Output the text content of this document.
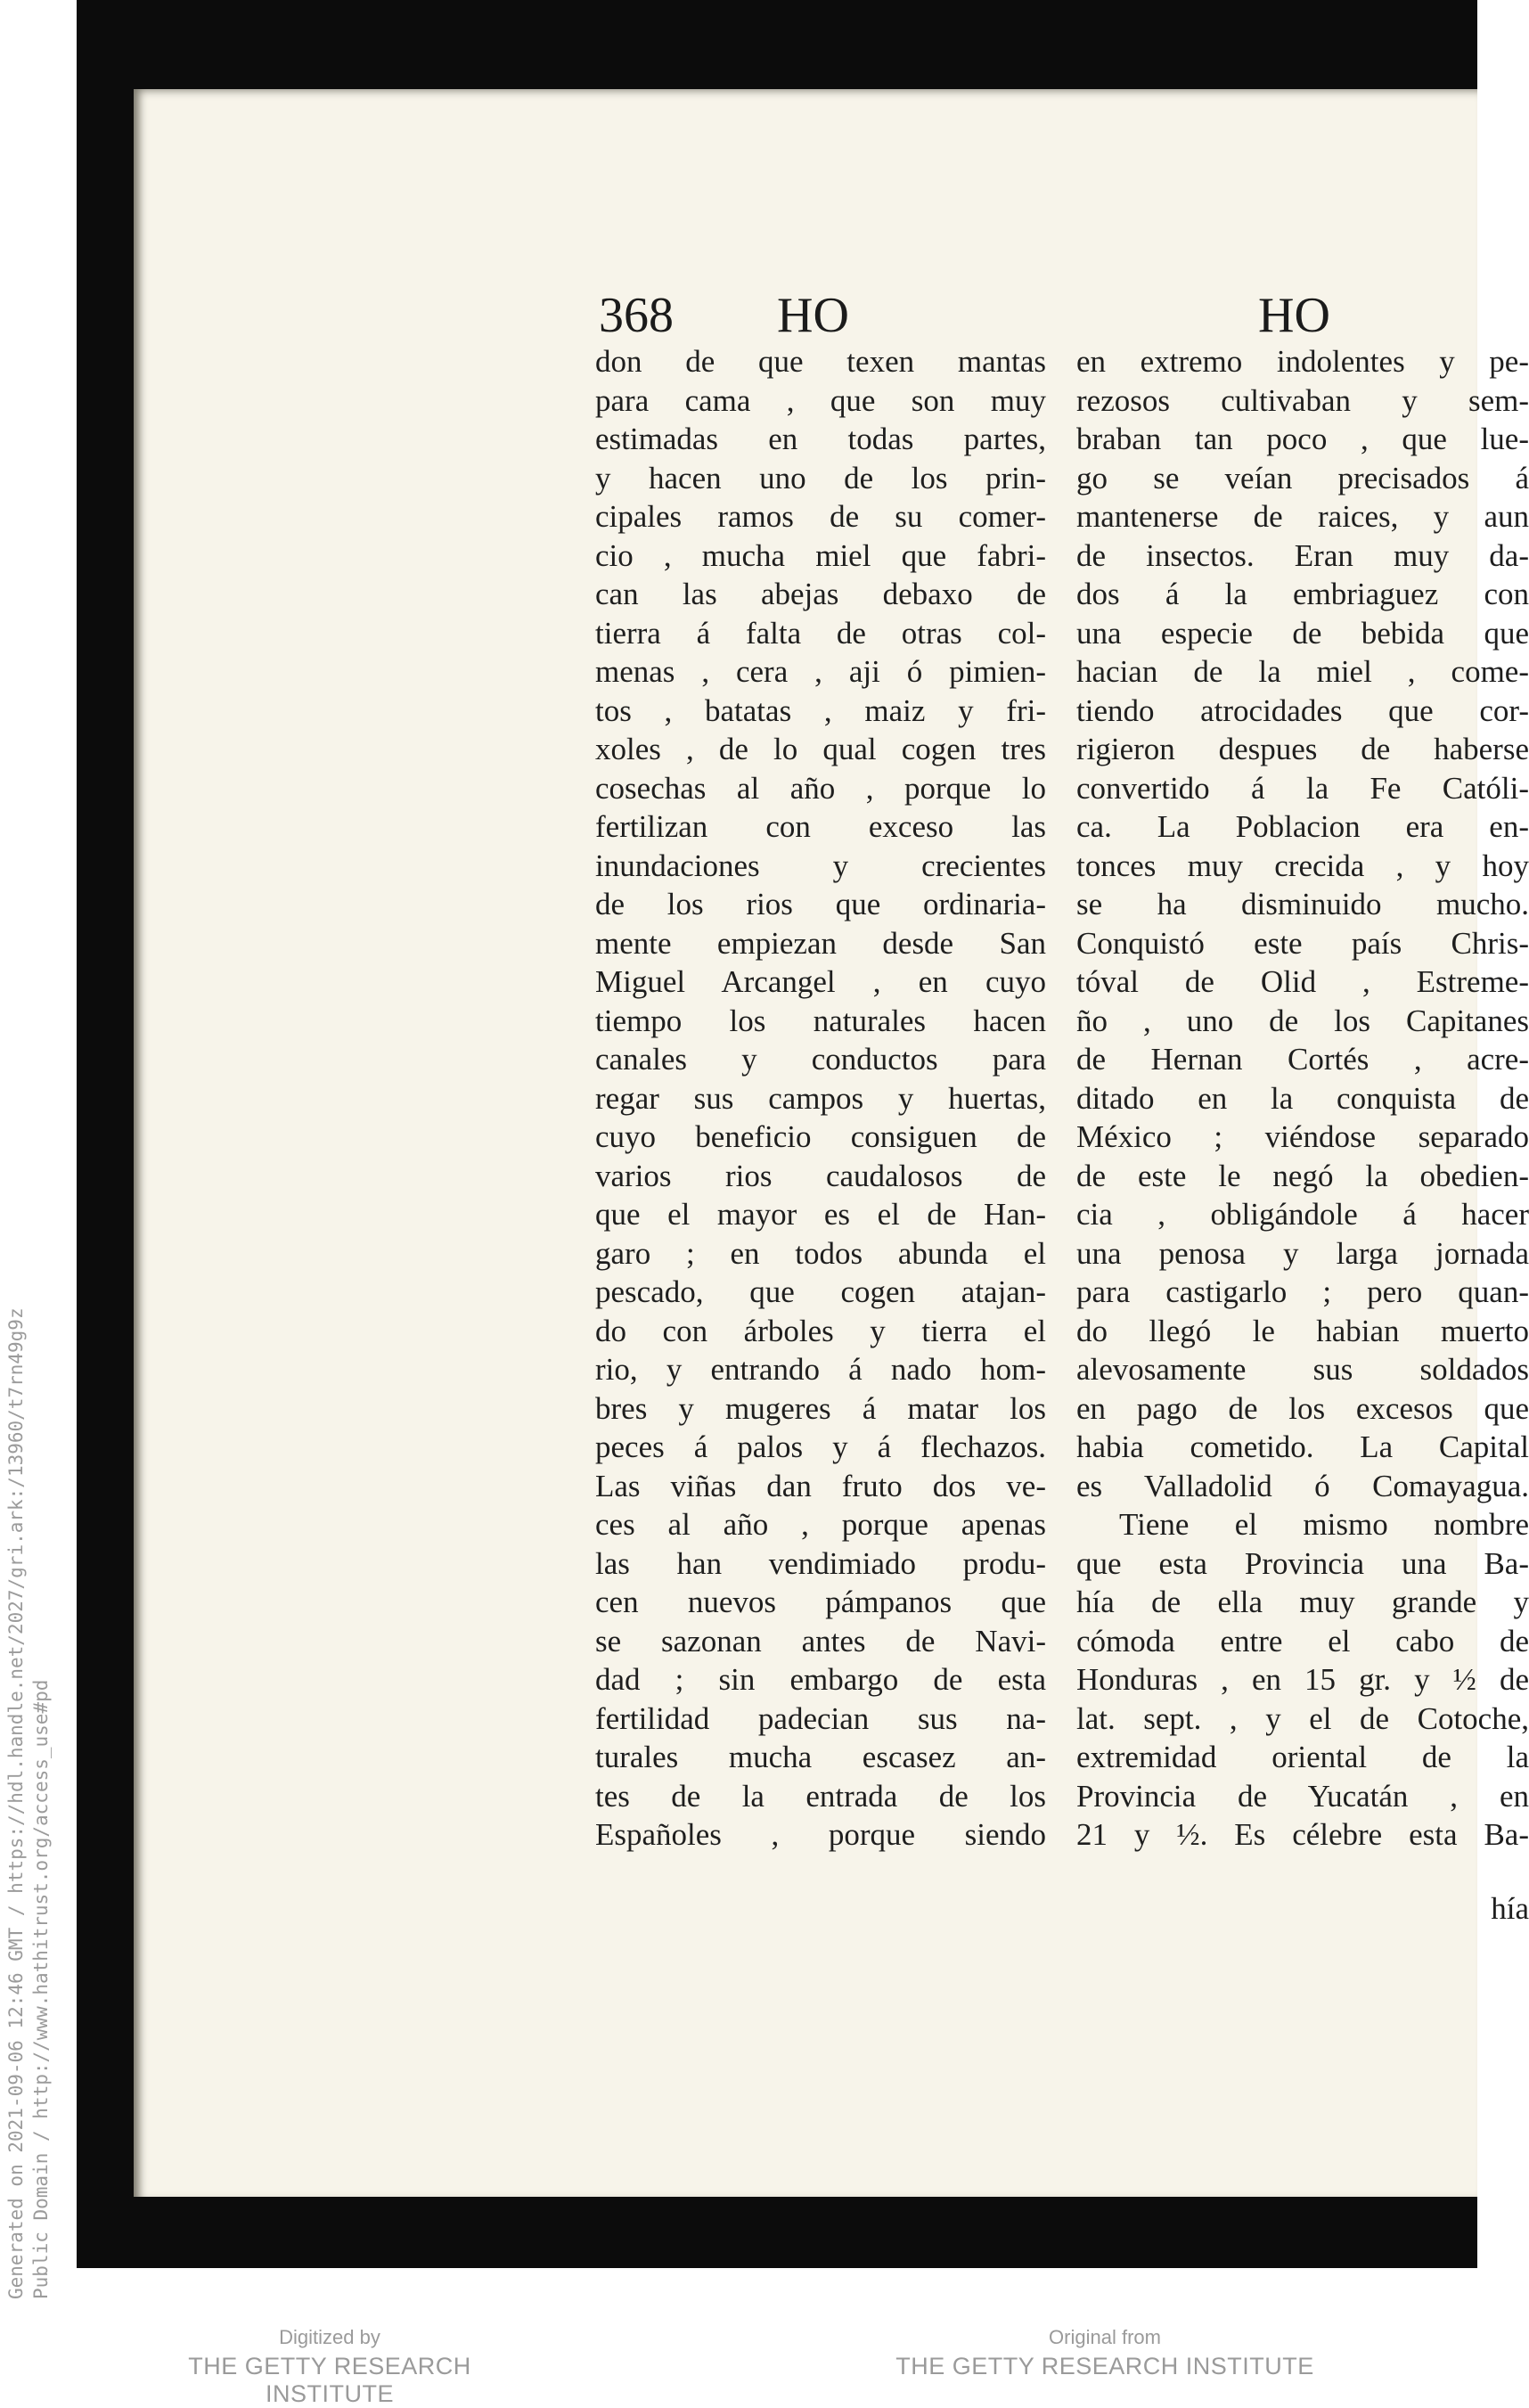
368 HO	HO
don de que texen mantas
para cama , que son muy
estimadas en todas partes,
y hacen uno de los prin-
cipales ramos de su comer-
cio , mucha miel que fabri-
can las abejas debaxo de
tierra á falta de otras col-
menas , cera , aji ó pimien-
tos , batatas , maiz y fri-
xoles , de lo qual cogen tres
cosechas al año , porque lo
fertilizan con exceso las
inundaciones y crecientes
de los rios que ordinaria-
mente empiezan desde San
Miguel Arcangel , en cuyo
tiempo los naturales hacen
canales y conductos para
regar sus campos y huertas,
cuyo beneficio consiguen de
varios rios caudalosos de
que el mayor es el de Han-
garo ; en todos abunda el
pescado, que cogen atajan-
do con árboles y tierra el
rio, y entrando á nado hom-
bres y mugeres á matar los
peces á palos y á flechazos.
Las viñas dan fruto dos ve-
ces al año , porque apenas
las han vendimiado produ-
cen nuevos pámpanos que
se sazonan antes de Navi-
dad ; sin embargo de esta
fertilidad padecian sus na-
turales mucha escasez an-
tes de la entrada de los
Españoles , porque siendo
en extremo indolentes y pe-
rezosos cultivaban y sem-
braban tan poco , que lue-
go se veían precisados á
mantenerse de raices, y aun
de insectos. Eran muy da-
dos á la embriaguez con
una especie de bebida que
hacian de la miel , come-
tiendo atrocidades que cor-
rigieron despues de haberse
convertido á la Fe Católi-
ca. La Poblacion era en-
tonces muy crecida , y hoy
se ha disminuido mucho.
Conquistó este país Chris-
tóval de Olid , Estreme-
ño , uno de los Capitanes
de Hernan Cortés , acre-
ditado en la conquista de
México ; viéndose separado
de este le negó la obedien-
cia , obligándole á hacer
una penosa y larga jornada
para castigarlo ; pero quan-
do llegó le habian muerto
alevosamente sus soldados
en pago de los excesos que
habia cometido. La Capital
es Valladolid ó Comayagua.
Tiene el mismo nombre
que esta Provincia una Ba-
hía de ella muy grande y
cómoda entre el cabo de
Honduras , en 15 gr. y ½ de
lat. sept. , y el de Cotoche,
extremidad oriental de la
Provincia de Yucatán , en
21 y ½. Es célebre esta Ba-
hía
Generated on 2021-09-06 12:46 GMT / https://hdl.handle.net/2027/gri.ark:/13960/t7rn49g9z Public Domain / http://www.hathitrust.org/access_use#pd
Digitized by
THE GETTY RESEARCH INSTITUTE
Original from
THE GETTY RESEARCH INSTITUTE
